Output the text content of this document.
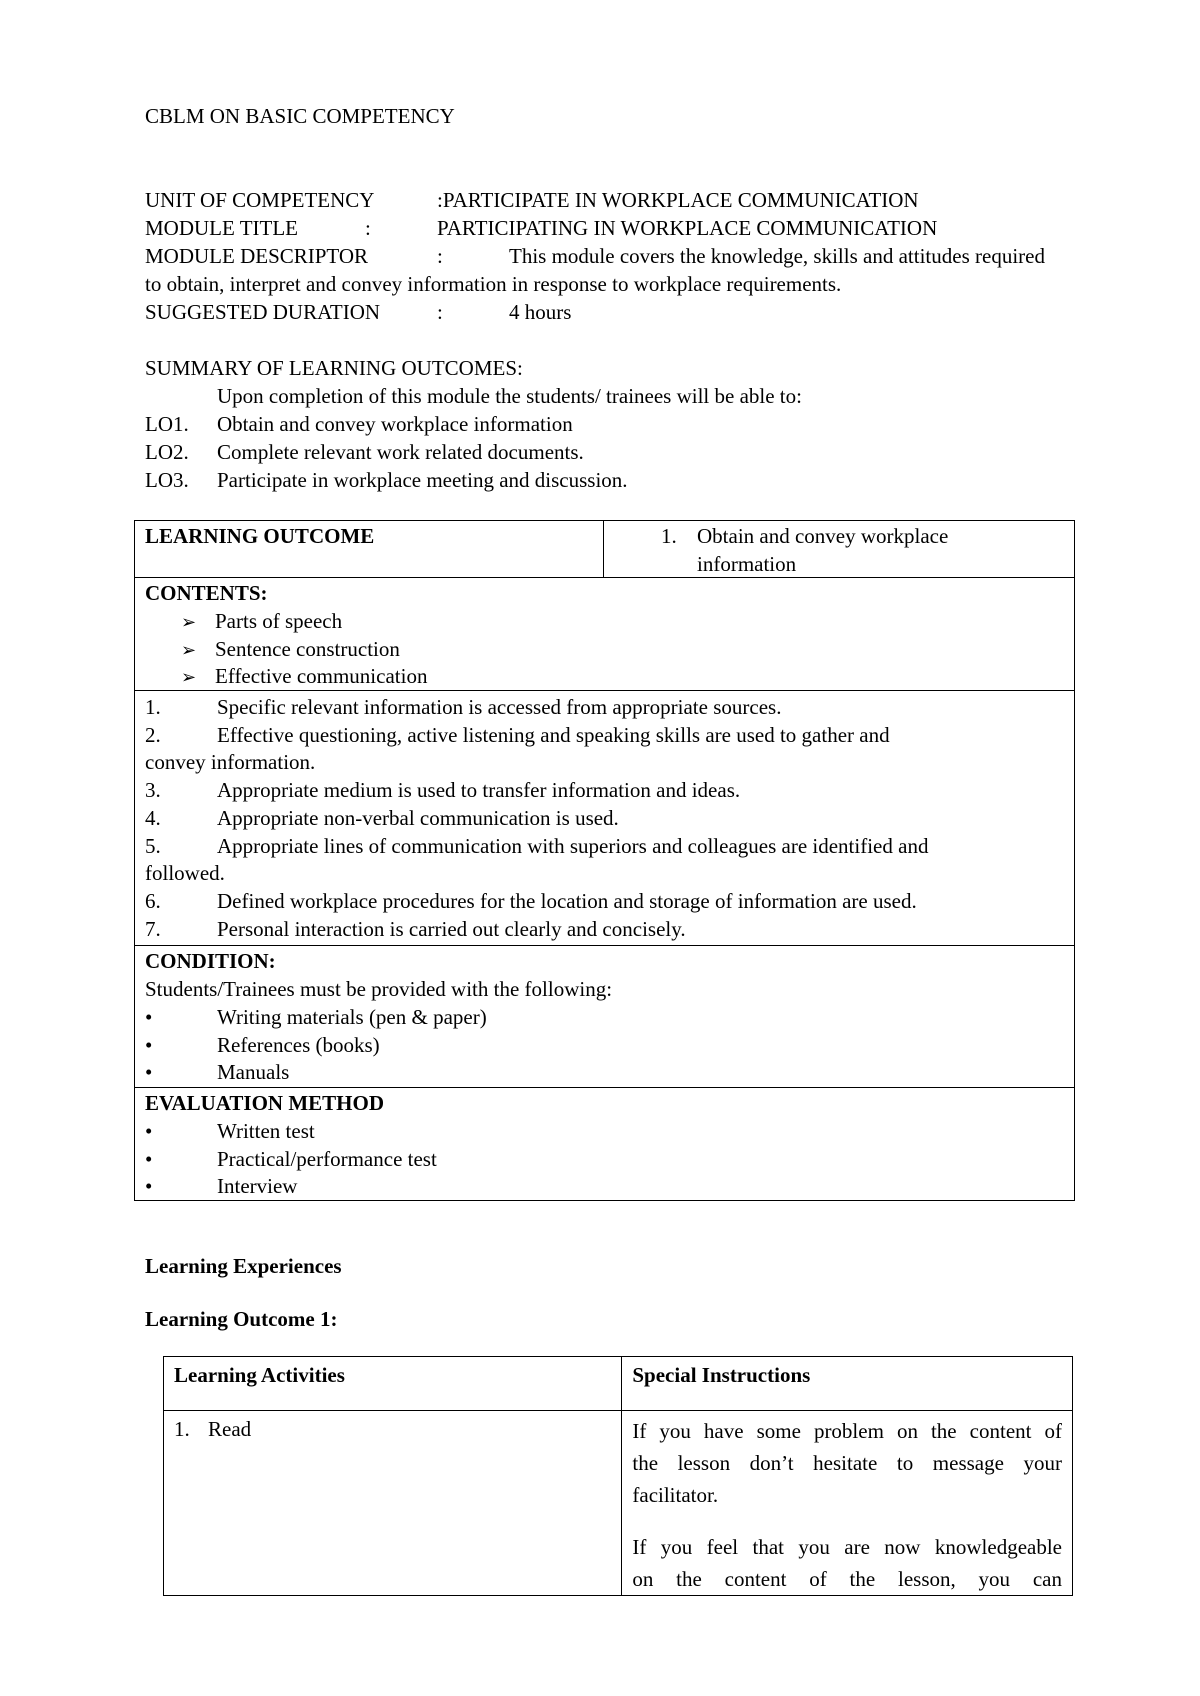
CBLM ON BASIC COMPETENCY
UNIT OF COMPETENCY	:PARTICIPATE IN WORKPLACE COMMUNICATION
MODULE TITLE	:	PARTICIPATING IN WORKPLACE COMMUNICATION
MODULE DESCRIPTOR	:	This module covers the knowledge, skills and attitudes required
to obtain, interpret and convey information in response to workplace requirements.
SUGGESTED DURATION	:	4 hours
SUMMARY OF LEARNING OUTCOMES:
Upon completion of this module the students/ trainees will be able to:
LO1. Obtain and convey workplace information
LO2. Complete relevant work related documents.
LO3. Participate in workplace meeting and discussion.
LEARNING OUTCOME	1. Obtain and convey workplace
information
CONTENTS:
➢ Parts of speech
➢ Sentence construction
➢ Effective communication
1.	Specific relevant information is accessed from appropriate sources.
2.	Effective questioning, active listening and speaking skills are used to gather and
convey information.
3.	Appropriate medium is used to transfer information and ideas.
4.	Appropriate non-verbal communication is used.
5.	Appropriate lines of communication with superiors and colleagues are identified and
followed.
6.	Defined workplace procedures for the location and storage of information are used.
7.	Personal interaction is carried out clearly and concisely.
CONDITION:
Students/Trainees must be provided with the following:
•	Writing materials (pen & paper)
•	References (books)
•	Manuals
EVALUATION METHOD
•	Written test
•	Practical/performance test
•	Interview
Learning Experiences
Learning Outcome 1:
Learning Activities	Special Instructions
1. Read	If you have some problem on the content of
the lesson don’t hesitate to message your
facilitator.
If you feel that you are now knowledgeable
on the content of the lesson, you can
